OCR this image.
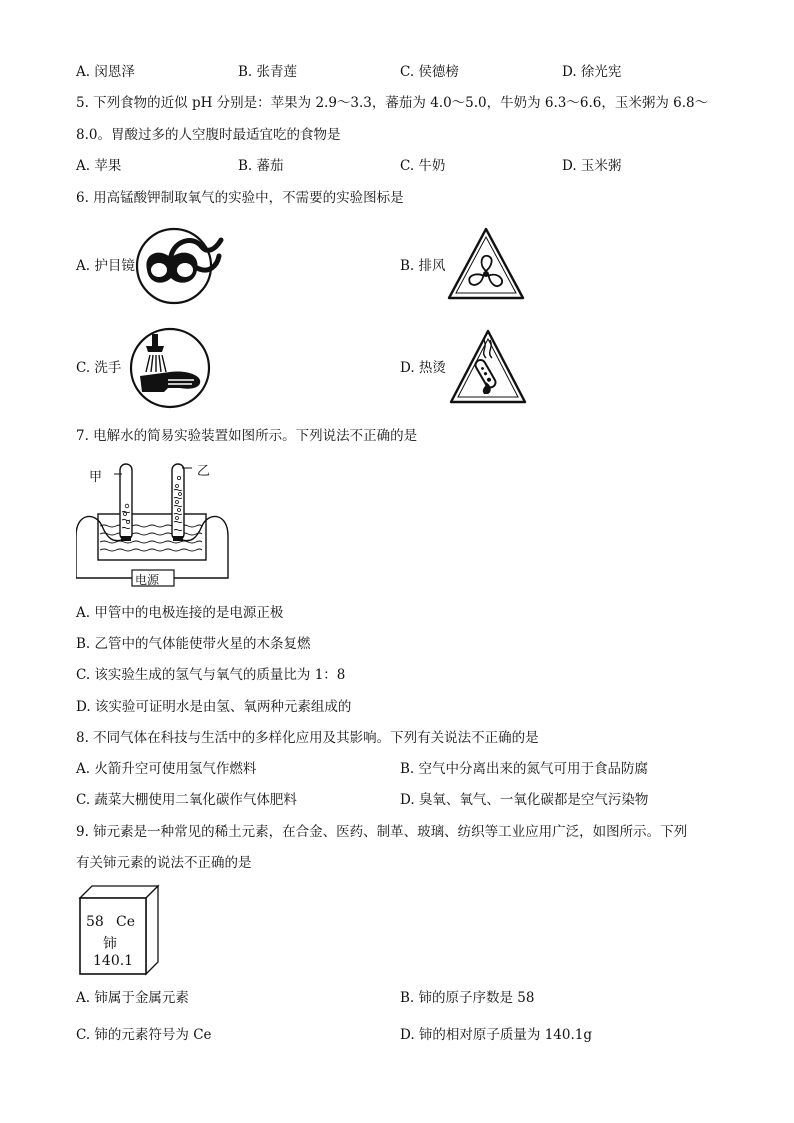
A. 闵恩泽	B. 张青莲	C. 侯德榜	D. 徐光宪
5. 下列食物的近似 pH 分别是：苹果为 2.9～3.3，蕃茄为 4.0～5.0，牛奶为 6.3～6.6，玉米粥为 6.8～
8.0。胃酸过多的人空腹时最适宜吃的食物是
A. 苹果	B. 蕃茄	C. 牛奶	D. 玉米粥
6. 用高锰酸钾制取氧气的实验中，不需要的实验图标是
A. 护目镜	B. 排风
C. 洗手	D. 热烫
7. 电解水的简易实验装置如图所示。下列说法不正确的是
甲	乙
电源
A. 甲管中的电极连接的是电源正极
B. 乙管中的气体能使带火星的木条复燃
C. 该实验生成的氢气与氧气的质量比为 1：8
D. 该实验可证明水是由氢、氧两种元素组成的
8. 不同气体在科技与生活中的多样化应用及其影响。下列有关说法不正确的是
A. 火箭升空可使用氢气作燃料	B. 空气中分离出来的氮气可用于食品防腐
C. 蔬菜大棚使用二氧化碳作气体肥料	D. 臭氧、氧气、一氧化碳都是空气污染物
9. 铈元素是一种常见的稀土元素，在合金、医药、制革、玻璃、纺织等工业应用广泛，如图所示。下列
有关铈元素的说法不正确的是
58 Ce
铈
140.1
A. 铈属于金属元素	B. 铈的原子序数是 58
C. 铈的元素符号为 Ce	D. 铈的相对原子质量为 140.1g
